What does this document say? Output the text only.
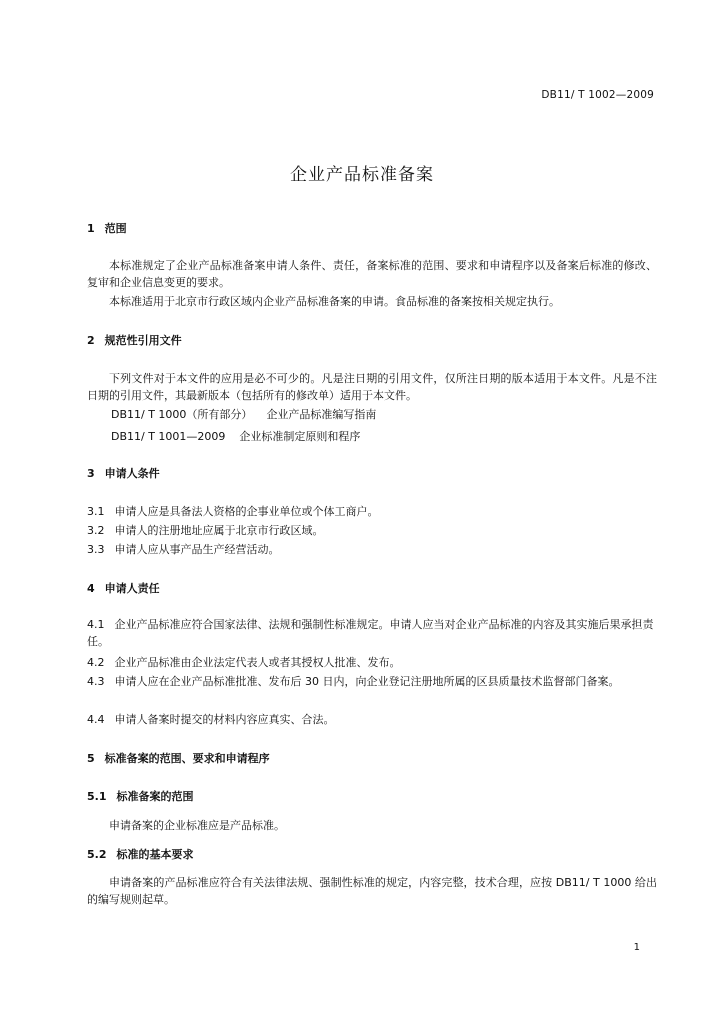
DB11/ T 1002—2009
企业产品标准备案
1 范围
本标准规定了企业产品标准备案申请人条件、责任，备案标准的范围、要求和申请程序以及备案后标准的修改、复审和企业信息变更的要求。
本标准适用于北京市行政区域内企业产品标准备案的申请。食品标准的备案按相关规定执行。
2 规范性引用文件
下列文件对于本文件的应用是必不可少的。凡是注日期的引用文件，仅所注日期的版本适用于本文件。凡是不注日期的引用文件，其最新版本（包括所有的修改单）适用于本文件。
DB11/ T 1000（所有部分） 企业产品标准编写指南
DB11/ T 1001—2009 企业标准制定原则和程序
3 申请人条件
3.1 申请人应是具备法人资格的企事业单位或个体工商户。
3.2 申请人的注册地址应属于北京市行政区域。
3.3 申请人应从事产品生产经营活动。
4 申请人责任
4.1 企业产品标准应符合国家法律、法规和强制性标准规定。申请人应当对企业产品标准的内容及其实施后果承担责任。
4.2 企业产品标准由企业法定代表人或者其授权人批准、发布。
4.3 申请人应在企业产品标准批准、发布后 30 日内，向企业登记注册地所属的区县质量技术监督部门备案。
4.4 申请人备案时提交的材料内容应真实、合法。
5 标准备案的范围、要求和申请程序
5.1 标准备案的范围
申请备案的企业标准应是产品标准。
5.2 标准的基本要求
申请备案的产品标准应符合有关法律法规、强制性标准的规定，内容完整，技术合理，应按 DB11/ T 1000 给出的编写规则起草。
1
